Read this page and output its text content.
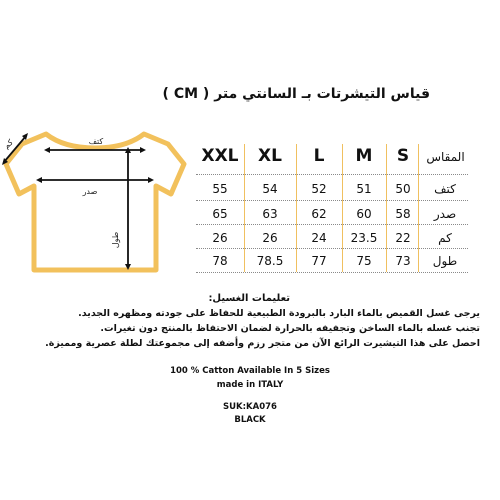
قياس التيشرتات بـ السانتي متر ( CM )
كتف
صدر
كم
طول
XXL	XL	L	M	S	المقاس
55	54	52	51	50	كتف
65	63	62	60	58	صدر
26	26	24	23.5	22	كم
78	78.5	77	75	73	طول
تعليمات الغسيل:
يرجى غسل القميص بالماء البارد بالبرودة الطبيعية للحفاظ على جودته ومظهره الجديد.
تجنب غسله بالماء الساخن وتجفيفه بالحرارة لضمان الاحتفاظ بالمنتج دون تغيرات.
احصل على هذا التيشيرت الرائع الآن من متجر رزم وأضفه إلى مجموعتك لطلة عصرية ومميزة.
100 % Catton Available In 5 Sizes
made in ITALY
SUK:KA076
BLACK
